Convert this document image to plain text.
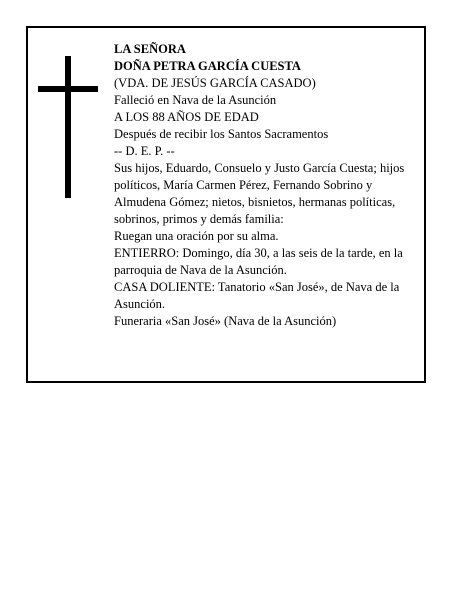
LA SEÑORA

DOÑA PETRA GARCÍA CUESTA

(VDA. DE JESÚS GARCÍA CASADO)

Falleció en Nava de la Asunción

A LOS 88 AÑOS DE EDAD

Después de recibir los Santos Sacramentos

-- D. E. P. --

Sus hijos, Eduardo, Consuelo y Justo García Cuesta; hijos políticos, María Carmen Pérez, Fernando Sobrino y Almudena Gómez; nietos, bisnietos, hermanas políticas, sobrinos, primos y demás familia:

Ruegan una oración por su alma.

ENTIERRO: Domingo, día 30, a las seis de la tarde, en la parroquia de Nava de la Asunción.

CASA DOLIENTE: Tanatorio «San José», de Nava de la Asunción.

Funeraria «San José» (Nava de la Asunción)
